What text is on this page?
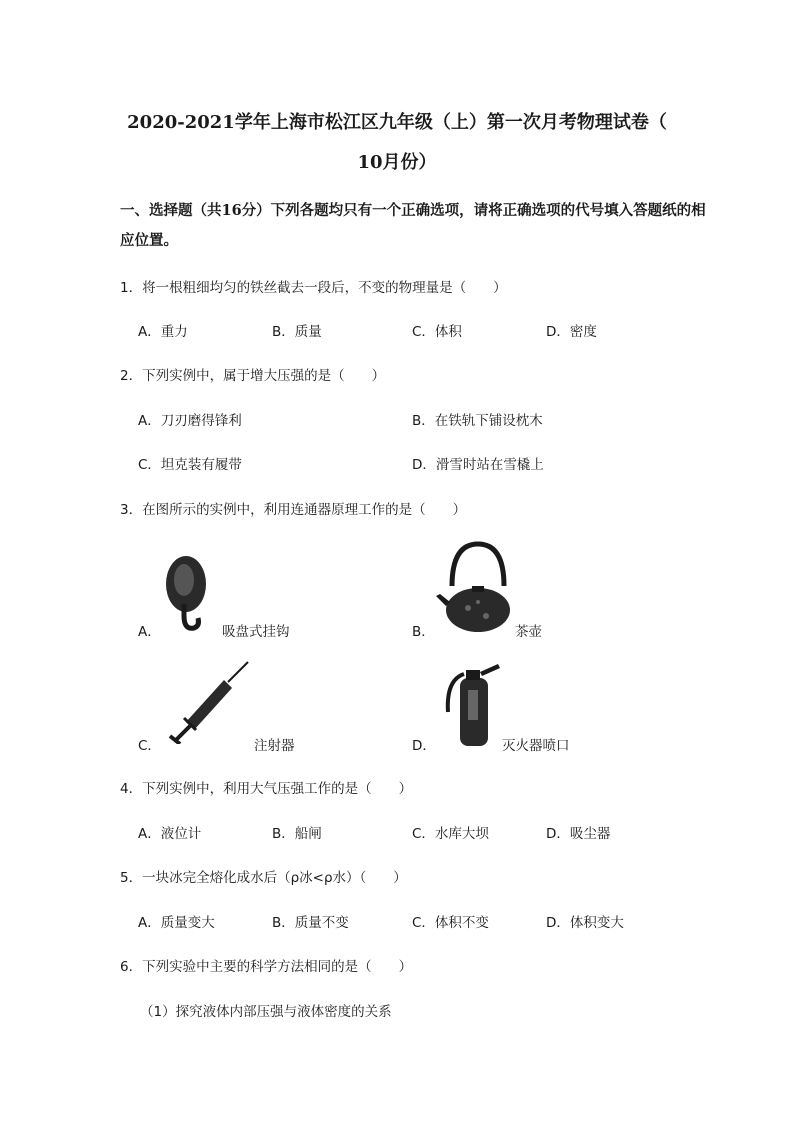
2020-2021学年上海市松江区九年级（上）第一次月考物理试卷（
10月份）
一、选择题（共16分）下列各题均只有一个正确选项，请将正确选项的代号填入答题纸的相应位置。
1．将一根粗细均匀的铁丝截去一段后，不变的物理量是（　　）
A．重力	B．质量	C．体积	D．密度
2．下列实例中，属于增大压强的是（　　）
A．刀刃磨得锋利	B．在铁轨下铺设枕木
C．坦克装有履带	D．滑雪时站在雪橇上
3．在图所示的实例中，利用连通器原理工作的是（　　）
A．	吸盘式挂钩	B．	茶壶
C．	注射器	D．	灭火器喷口
4．下列实例中，利用大气压强工作的是（　　）
A．液位计	B．船闸	C．水库大坝	D．吸尘器
5．一块冰完全熔化成水后（ρ冰<ρ水）（　　）
A．质量变大	B．质量不变	C．体积不变	D．体积变大
6．下列实验中主要的科学方法相同的是（　　）
（1）探究液体内部压强与液体密度的关系
